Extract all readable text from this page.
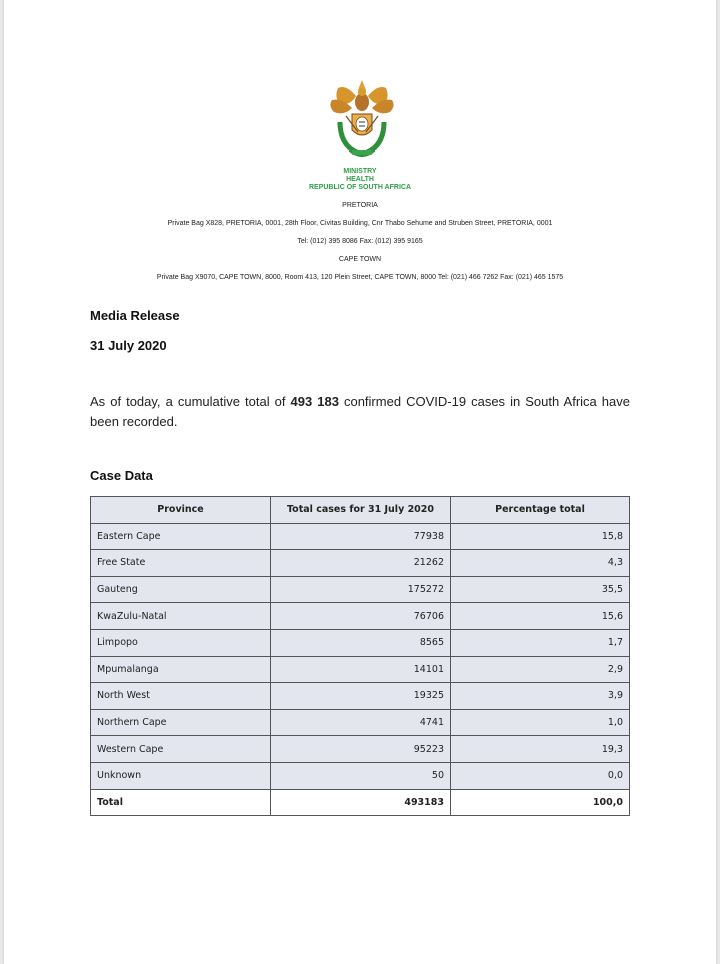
MINISTRY
HEALTH
REPUBLIC OF SOUTH AFRICA
PRETORIA
Private Bag X828, PRETORIA, 0001, 28th Floor, Civitas Building, Cnr Thabo Sehume and Struben Street, PRETORIA, 0001
Tel: (012) 395 8086 Fax: (012) 395 9165
CAPE TOWN
Private Bag X9070, CAPE TOWN, 8000, Room 413, 120 Plein Street, CAPE TOWN, 8000 Tel: (021) 466 7262 Fax: (021) 465 1575
Media Release
31 July 2020
As of today, a cumulative total of 493 183 confirmed COVID-19 cases in South Africa have been recorded.
Case Data
Province	Total cases for 31 July 2020	Percentage total
Eastern Cape	77938	15,8
Free State	21262	4,3
Gauteng	175272	35,5
KwaZulu-Natal	76706	15,6
Limpopo	8565	1,7
Mpumalanga	14101	2,9
North West	19325	3,9
Northern Cape	4741	1,0
Western Cape	95223	19,3
Unknown	50	0,0
Total	493183	100,0
